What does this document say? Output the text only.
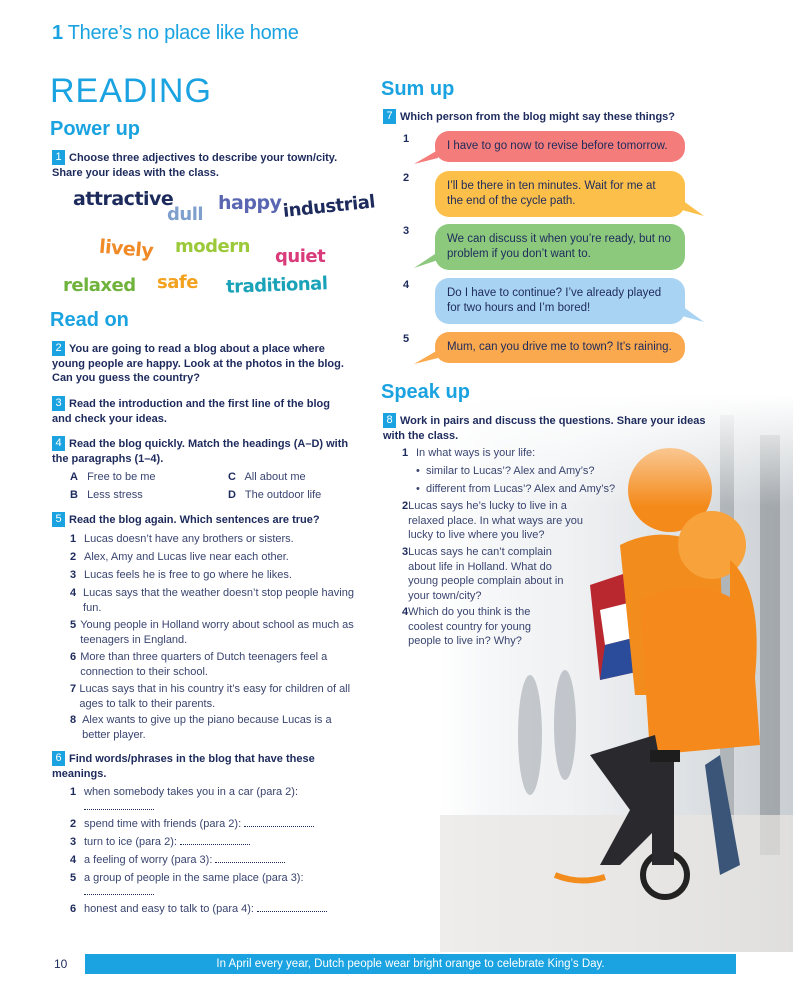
1 There’s no place like home
READING
Power up
1 Choose three adjectives to describe your town/city. Share your ideas with the class.
attractive
dull
happy industrial
lively modern quiet
relaxed safe traditional
Read on
2 You are going to read a blog about a place where young people are happy. Look at the photos in the blog. Can you guess the country?
3 Read the introduction and the first line of the blog and check your ideas.
4 Read the blog quickly. Match the headings (A–D) with the paragraphs (1–4).
A Free to be me	C All about me
B Less stress	D The outdoor life
5 Read the blog again. Which sentences are true?
1 Lucas doesn’t have any brothers or sisters.
2 Alex, Amy and Lucas live near each other.
3 Lucas feels he is free to go where he likes.
4 Lucas says that the weather doesn’t stop people having fun.
5 Young people in Holland worry about school as much as teenagers in England.
6 More than three quarters of Dutch teenagers feel a connection to their school.
7 Lucas says that in his country it’s easy for children of all ages to talk to their parents.
8 Alex wants to give up the piano because Lucas is a better player.
6 Find words/phrases in the blog that have these meanings.
1 when somebody takes you in a car (para 2):
2 spend time with friends (para 2):
3 turn to ice (para 2):
4 a feeling of worry (para 3):
5 a group of people in the same place (para 3):
6 honest and easy to talk to (para 4):
Sum up
7 Which person from the blog might say these things?
1
I have to go now to revise before tomorrow.
2
I’ll be there in ten minutes. Wait for me at the end of the cycle path.
3
We can discuss it when you’re ready, but no problem if you don’t want to.
4
Do I have to continue? I’ve already played for two hours and I’m bored!
5
Mum, can you drive me to town? It’s raining.
Speak up
8 Work in pairs and discuss the questions. Share your ideas with the class.
1 In what ways is your life:
•  similar to Lucas’? Alex and Amy’s?
•  different from Lucas’? Alex and Amy’s?
2 Lucas says he’s lucky to live in a relaxed place. In what ways are you lucky to live where you live?
3 Lucas says he can’t complain about life in Holland. What do young people complain about in your town/city?
4 Which do you think is the coolest country for young people to live in? Why?
10	In April every year, Dutch people wear bright orange to celebrate King’s Day.
